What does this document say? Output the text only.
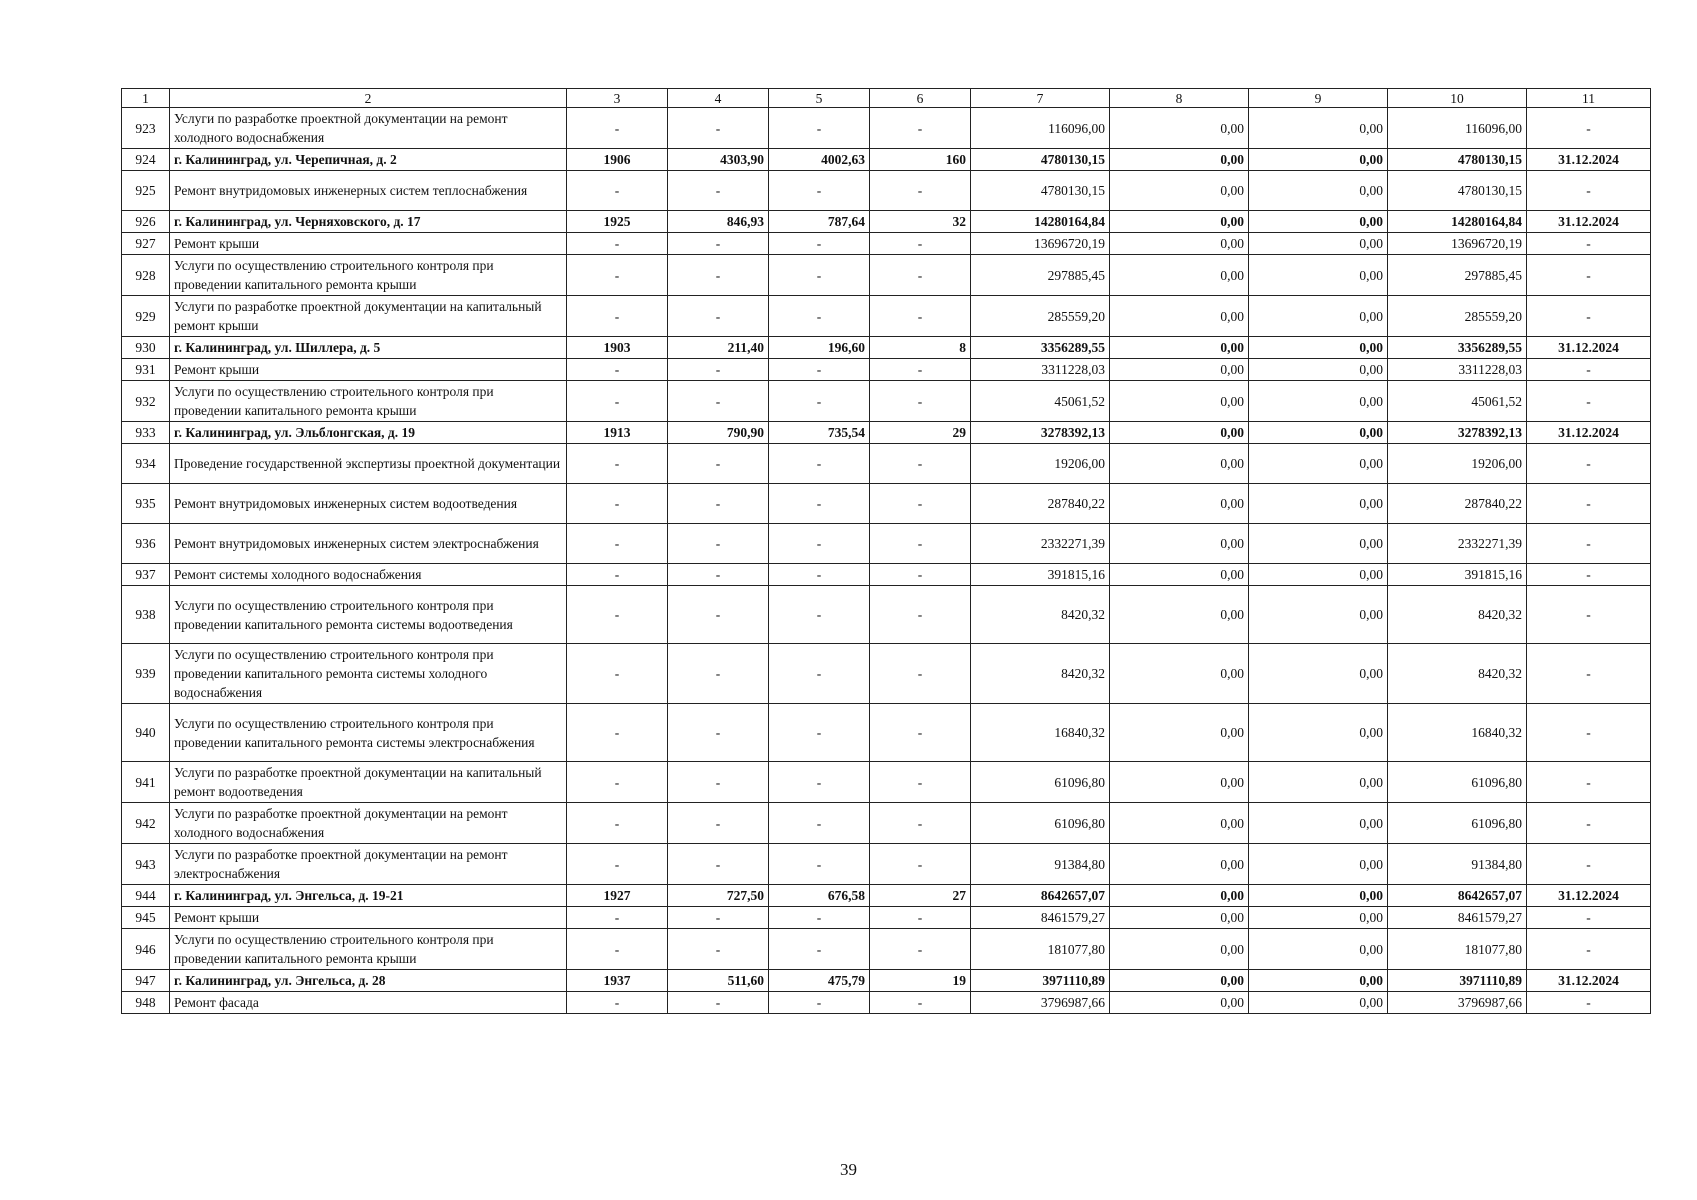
1	2	3	4	5	6	7	8	9	10	11
923	Услуги по разработке проектной документации на ремонт холодного водоснабжения	-	-	-	-	116096,00	0,00	0,00	116096,00	-
924	г. Калининград, ул. Черепичная, д. 2	1906	4303,90	4002,63	160	4780130,15	0,00	0,00	4780130,15	31.12.2024
925	Ремонт внутридомовых инженерных систем теплоснабжения	-	-	-	-	4780130,15	0,00	0,00	4780130,15	-
926	г. Калининград, ул. Черняховского, д. 17	1925	846,93	787,64	32	14280164,84	0,00	0,00	14280164,84	31.12.2024
927	Ремонт крыши	-	-	-	-	13696720,19	0,00	0,00	13696720,19	-
928	Услуги по осуществлению строительного контроля при проведении капитального ремонта крыши	-	-	-	-	297885,45	0,00	0,00	297885,45	-
929	Услуги по разработке проектной документации на капитальный ремонт крыши	-	-	-	-	285559,20	0,00	0,00	285559,20	-
930	г. Калининград, ул. Шиллера, д. 5	1903	211,40	196,60	8	3356289,55	0,00	0,00	3356289,55	31.12.2024
931	Ремонт крыши	-	-	-	-	3311228,03	0,00	0,00	3311228,03	-
932	Услуги по осуществлению строительного контроля при проведении капитального ремонта крыши	-	-	-	-	45061,52	0,00	0,00	45061,52	-
933	г. Калининград, ул. Эльблонгская, д. 19	1913	790,90	735,54	29	3278392,13	0,00	0,00	3278392,13	31.12.2024
934	Проведение государственной экспертизы проектной документации	-	-	-	-	19206,00	0,00	0,00	19206,00	-
935	Ремонт внутридомовых инженерных систем водоотведения	-	-	-	-	287840,22	0,00	0,00	287840,22	-
936	Ремонт внутридомовых инженерных систем электроснабжения	-	-	-	-	2332271,39	0,00	0,00	2332271,39	-
937	Ремонт системы холодного водоснабжения	-	-	-	-	391815,16	0,00	0,00	391815,16	-
938	Услуги по осуществлению строительного контроля при проведении капитального ремонта системы водоотведения	-	-	-	-	8420,32	0,00	0,00	8420,32	-
939	Услуги по осуществлению строительного контроля при проведении капитального ремонта системы холодного водоснабжения	-	-	-	-	8420,32	0,00	0,00	8420,32	-
940	Услуги по осуществлению строительного контроля при проведении капитального ремонта системы электроснабжения	-	-	-	-	16840,32	0,00	0,00	16840,32	-
941	Услуги по разработке проектной документации на капитальный ремонт водоотведения	-	-	-	-	61096,80	0,00	0,00	61096,80	-
942	Услуги по разработке проектной документации на ремонт холодного водоснабжения	-	-	-	-	61096,80	0,00	0,00	61096,80	-
943	Услуги по разработке проектной документации на ремонт электроснабжения	-	-	-	-	91384,80	0,00	0,00	91384,80	-
944	г. Калининград, ул. Энгельса, д. 19-21	1927	727,50	676,58	27	8642657,07	0,00	0,00	8642657,07	31.12.2024
945	Ремонт крыши	-	-	-	-	8461579,27	0,00	0,00	8461579,27	-
946	Услуги по осуществлению строительного контроля при проведении капитального ремонта крыши	-	-	-	-	181077,80	0,00	0,00	181077,80	-
947	г. Калининград, ул. Энгельса, д. 28	1937	511,60	475,79	19	3971110,89	0,00	0,00	3971110,89	31.12.2024
948	Ремонт фасада	-	-	-	-	3796987,66	0,00	0,00	3796987,66	-
39
